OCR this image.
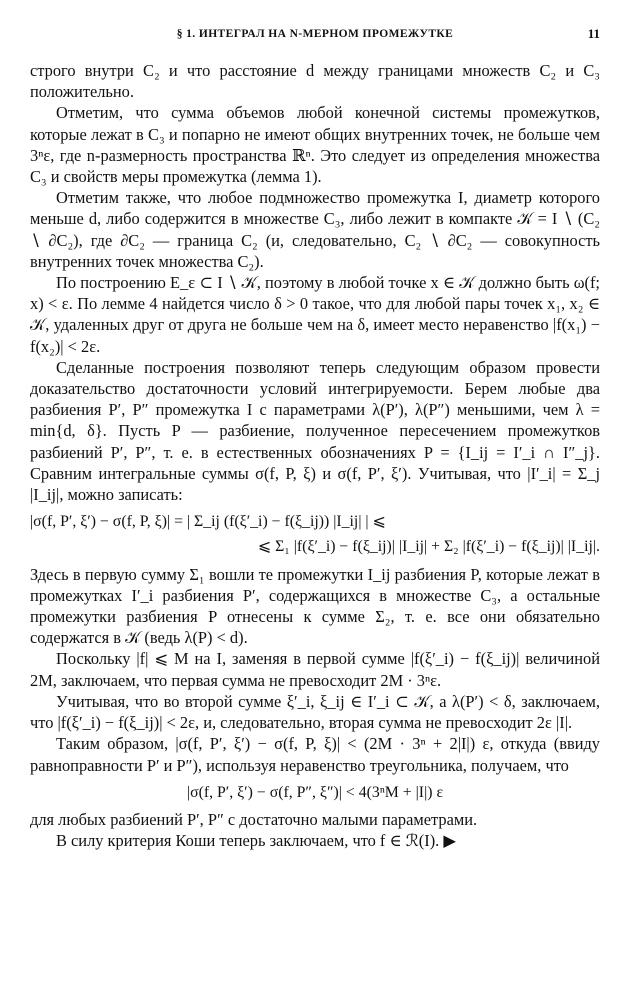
§ 1. ИНТЕГРАЛ НА N-МЕРНОМ ПРОМЕЖУТКЕ	11

строго внутри C₂ и что расстояние d между границами множеств C₂ и C₃ положительно.

Отметим, что сумма объемов любой конечной системы промежутков, которые лежат в C₃ и попарно не имеют общих внутренних точек, не больше чем 3ⁿε, где n-размерность пространства ℝⁿ. Это следует из определения множества C₃ и свойств меры промежутка (лемма 1).

Отметим также, что любое подмножество промежутка I, диаметр которого меньше d, либо содержится в множестве C₃, либо лежит в компакте 𝒦 = I ∖ (C₂ ∖ ∂C₂), где ∂C₂ — граница C₂ (и, следовательно, C₂ ∖ ∂C₂ — совокупность внутренних точек множества C₂).

По построению E_ε ⊂ I ∖ 𝒦, поэтому в любой точке x ∈ 𝒦 должно быть ω(f; x) < ε. По лемме 4 найдется число δ > 0 такое, что для любой пары точек x₁, x₂ ∈ 𝒦, удаленных друг от друга не больше чем на δ, имеет место неравенство |f(x₁) − f(x₂)| < 2ε.

Сделанные построения позволяют теперь следующим образом провести доказательство достаточности условий интегрируемости. Берем любые два разбиения P′, P″ промежутка I с параметрами λ(P′), λ(P″) меньшими, чем λ = min{d, δ}. Пусть P — разбиение, полученное пересечением промежутков разбиений P′, P″, т. е. в естественных обозначениях P = {I_ij = I′_i ∩ I″_j}. Сравним интегральные суммы σ(f, P, ξ) и σ(f, P′, ξ′). Учитывая, что |I′_i| = Σ_j |I_ij|, можно записать:

|σ(f, P′, ξ′) − σ(f, P, ξ)| = | Σ_ij (f(ξ′_i) − f(ξ_ij)) |I_ij| | ⩽
⩽ Σ₁ |f(ξ′_i) − f(ξ_ij)| |I_ij| + Σ₂ |f(ξ′_i) − f(ξ_ij)| |I_ij|.

Здесь в первую сумму Σ₁ вошли те промежутки I_ij разбиения P, которые лежат в промежутках I′_i разбиения P′, содержащихся в множестве C₃, а остальные промежутки разбиения P отнесены к сумме Σ₂, т. е. все они обязательно содержатся в 𝒦 (ведь λ(P) < d).

Поскольку |f| ⩽ M на I, заменяя в первой сумме |f(ξ′_i) − f(ξ_ij)| величиной 2M, заключаем, что первая сумма не превосходит 2M · 3ⁿε.

Учитывая, что во второй сумме ξ′_i, ξ_ij ∈ I′_i ⊂ 𝒦, а λ(P′) < δ, заключаем, что |f(ξ′_i) − f(ξ_ij)| < 2ε, и, следовательно, вторая сумма не превосходит 2ε |I|.

Таким образом, |σ(f, P′, ξ′) − σ(f, P, ξ)| < (2M · 3ⁿ + 2|I|) ε, откуда (ввиду равноправности P′ и P″), используя неравенство треугольника, получаем, что

|σ(f, P′, ξ′) − σ(f, P″, ξ″)| < 4(3ⁿM + |I|) ε

для любых разбиений P′, P″ с достаточно малыми параметрами.

В силу критерия Коши теперь заключаем, что f ∈ ℛ(I). ▶
